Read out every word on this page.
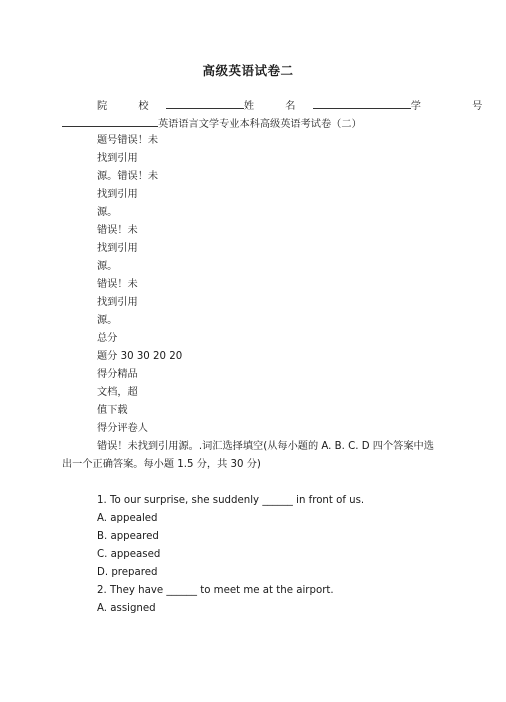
高级英语试卷二
院 校	姓 名	学 号
英语语言文学专业本科高级英语考试卷（二）
题号错误！未
找到引用
源。错误！未
找到引用
源。
错误！未
找到引用
源。
错误！未
找到引用
源。
总分
题分 30 30 20 20
得分精品
文档，超
值下载
得分评卷人
错误！未找到引用源。.词汇选择填空(从每小题的 A. B. C. D 四个答案中选出一个正确答案。每小题 1.5 分，共 30 分)
1. To our surprise, she suddenly ______ in front of us.
A. appealed
B. appeared
C. appeased
D. prepared
2. They have ______ to meet me at the airport.
A. assigned
